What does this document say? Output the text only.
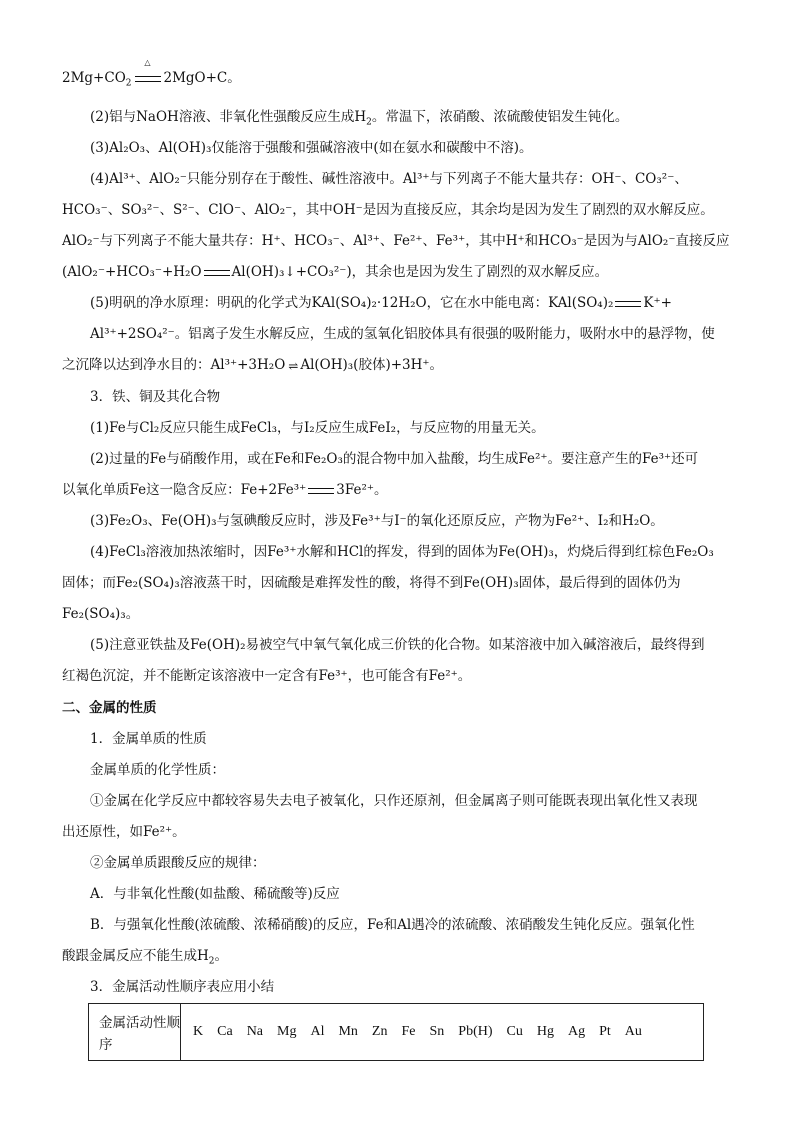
$2Mg+CO_2$
△
2MgO+C。
(2)铝与NaOH溶液、非氧化性强酸反应生成$H_2$。常温下，浓硝酸、浓硫酸使铝发生钝化。
(3)Al₂O₃、Al(OH)₃仅能溶于强酸和强碱溶液中(如在氨水和碳酸中不溶)。
(4)Al³⁺、AlO₂⁻只能分别存在于酸性、碱性溶液中。Al³⁺与下列离子不能大量共存：OH⁻、CO₃²⁻、
HCO₃⁻、SO₃²⁻、S²⁻、ClO⁻、AlO₂⁻，其中OH⁻是因为直接反应，其余均是因为发生了剧烈的双水解反应。
AlO₂⁻与下列离子不能大量共存：H⁺、HCO₃⁻、Al³⁺、Fe²⁺、Fe³⁺，其中H⁺和HCO₃⁻是因为与AlO₂⁻直接反应
(AlO₂⁻+HCO₃⁻+H₂O Al(OH)₃↓+CO₃²⁻)，其余也是因为发生了剧烈的双水解反应。
(5)明矾的净水原理：明矾的化学式为KAl(SO₄)₂·12H₂O，它在水中能电离：KAl(SO₄)₂ K⁺+
Al³⁺+2SO₄²⁻。铝离子发生水解反应，生成的氢氧化铝胶体具有很强的吸附能力，吸附水中的悬浮物，使
之沉降以达到净水目的：Al³⁺+3H₂O ⇌ Al(OH)₃(胶体)+3H⁺。
3．铁、铜及其化合物
(1)Fe与Cl₂反应只能生成FeCl₃，与I₂反应生成FeI₂，与反应物的用量无关。
(2)过量的Fe与硝酸作用，或在Fe和Fe₂O₃的混合物中加入盐酸，均生成Fe²⁺。要注意产生的Fe³⁺还可
以氧化单质Fe这一隐含反应：Fe+2Fe³⁺ 3Fe²⁺。
(3)Fe₂O₃、Fe(OH)₃与氢碘酸反应时，涉及Fe³⁺与I⁻的氧化还原反应，产物为Fe²⁺、I₂和H₂O。
(4)FeCl₃溶液加热浓缩时，因Fe³⁺水解和HCl的挥发，得到的固体为Fe(OH)₃，灼烧后得到红棕色Fe₂O₃
固体；而Fe₂(SO₄)₃溶液蒸干时，因硫酸是难挥发性的酸，将得不到Fe(OH)₃固体，最后得到的固体仍为
Fe₂(SO₄)₃。
(5)注意亚铁盐及Fe(OH)₂易被空气中氧气氧化成三价铁的化合物。如某溶液中加入碱溶液后，最终得到
红褐色沉淀，并不能断定该溶液中一定含有Fe³⁺，也可能含有Fe²⁺。
二、金属的性质
1．金属单质的性质
金属单质的化学性质：
①金属在化学反应中都较容易失去电子被氧化，只作还原剂，但金属离子则可能既表现出氧化性又表现
出还原性，如Fe²⁺。
②金属单质跟酸反应的规律：
A．与非氧化性酸(如盐酸、稀硫酸等)反应
B．与强氧化性酸(浓硫酸、浓稀硝酸)的反应，Fe和Al遇冷的浓硫酸、浓硝酸发生钝化反应。强氧化性
酸跟金属反应不能生成$H_2$。
3．金属活动性顺序表应用小结
金属活动性顺序
K Ca Na Mg Al Mn Zn Fe Sn Pb(H) Cu Hg Ag Pt Au
